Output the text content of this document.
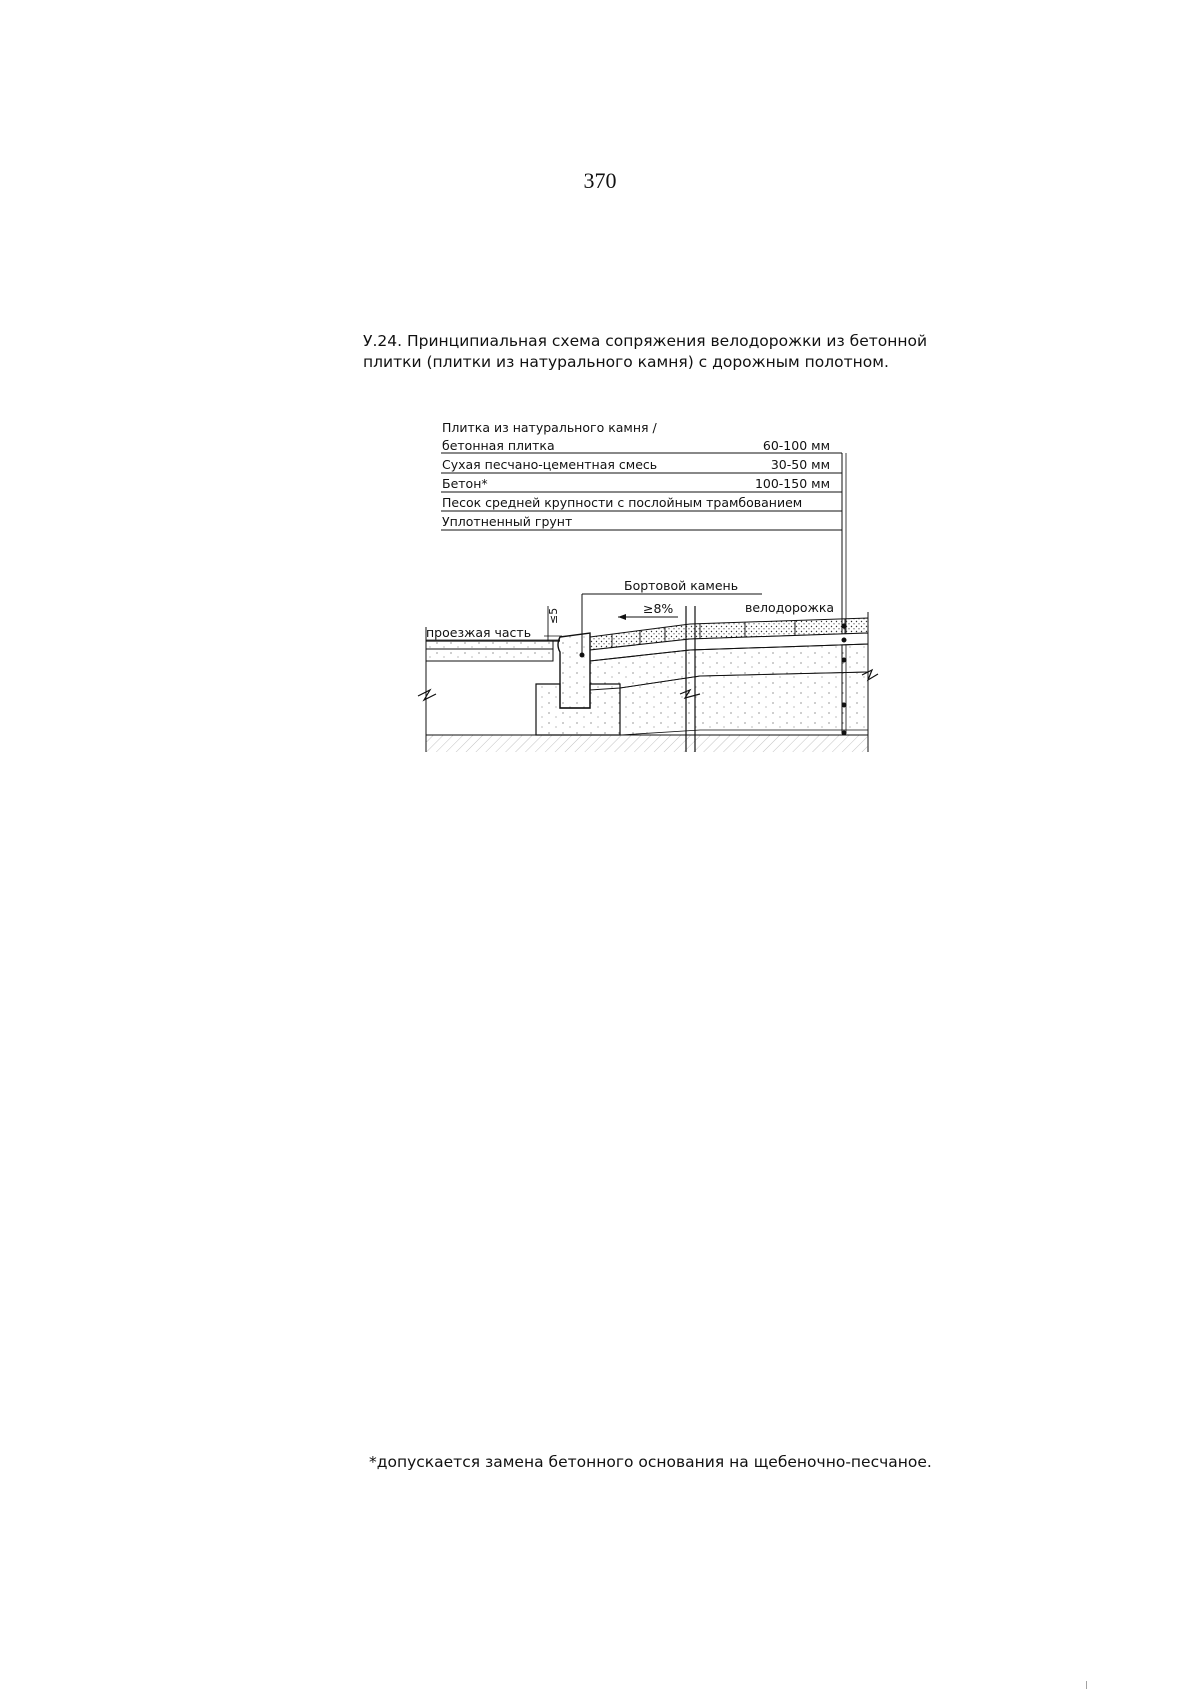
370
У.24. Принципиальная схема сопряжения велодорожки из бетонной
плитки (плитки из натурального камня) с дорожным полотном.
Плитка из натурального камня /
бетонная плитка	60-100 мм
Сухая песчано-цементная смесь	30-50 мм
Бетон*	100-150 мм
Песок средней крупности с послойным трамбованием
Уплотненный грунт
Бортовой камень
≥8%	велодорожка
проезжая часть
≤5
*допускается замена бетонного основания на щебеночно-песчаное.
|
